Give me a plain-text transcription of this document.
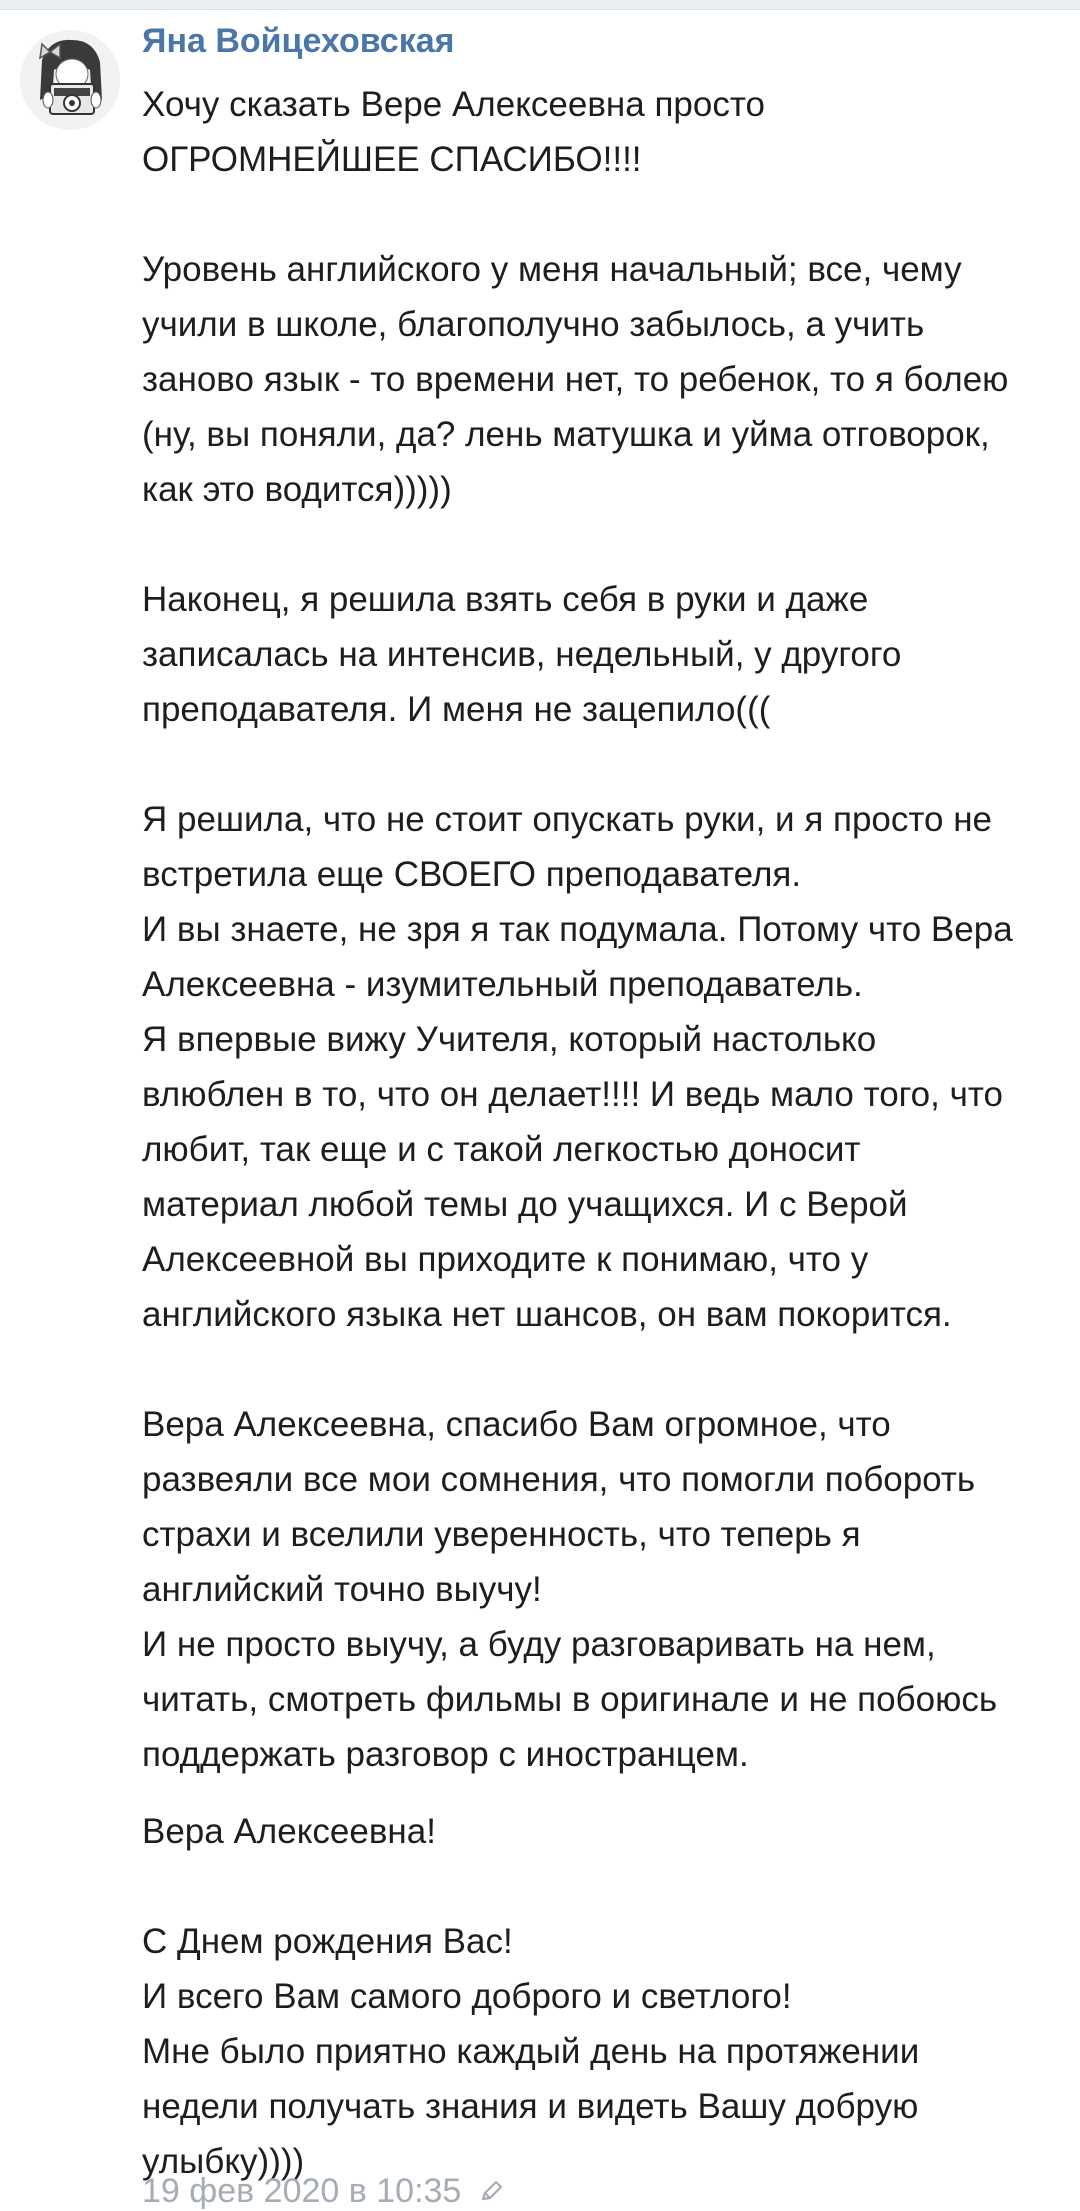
Яна Войцеховская
Хочу сказать Вере Алексеевна просто
ОГРОМНЕЙШЕЕ СПАСИБО!!!!
Уровень английского у меня начальный; все, чему
учили в школе, благополучно забылось, а учить
заново язык - то времени нет, то ребенок, то я болею
(ну, вы поняли, да? лень матушка и уйма отговорок,
как это водится)))))
Наконец, я решила взять себя в руки и даже
записалась на интенсив, недельный, у другого
преподавателя. И меня не зацепило(((
Я решила, что не стоит опускать руки, и я просто не
встретила еще СВОЕГО преподавателя.
И вы знаете, не зря я так подумала. Потому что Вера
Алексеевна - изумительный преподаватель.
Я впервые вижу Учителя, который настолько
влюблен в то, что он делает!!!! И ведь мало того, что
любит, так еще и с такой легкостью доносит
материал любой темы до учащихся. И с Верой
Алексеевной вы приходите к понимаю, что у
английского языка нет шансов, он вам покорится.
Вера Алексеевна, спасибо Вам огромное, что
развеяли все мои сомнения, что помогли побороть
страхи и вселили уверенность, что теперь я
английский точно выучу!
И не просто выучу, а буду разговаривать на нем,
читать, смотреть фильмы в оригинале и не побоюсь
поддержать разговор с иностранцем.
Вера Алексеевна!
С Днем рождения Вас!
И всего Вам самого доброго и светлого!
Мне было приятно каждый день на протяжении
недели получать знания и видеть Вашу добрую
улыбку))))
19 фев 2020 в 10:35
